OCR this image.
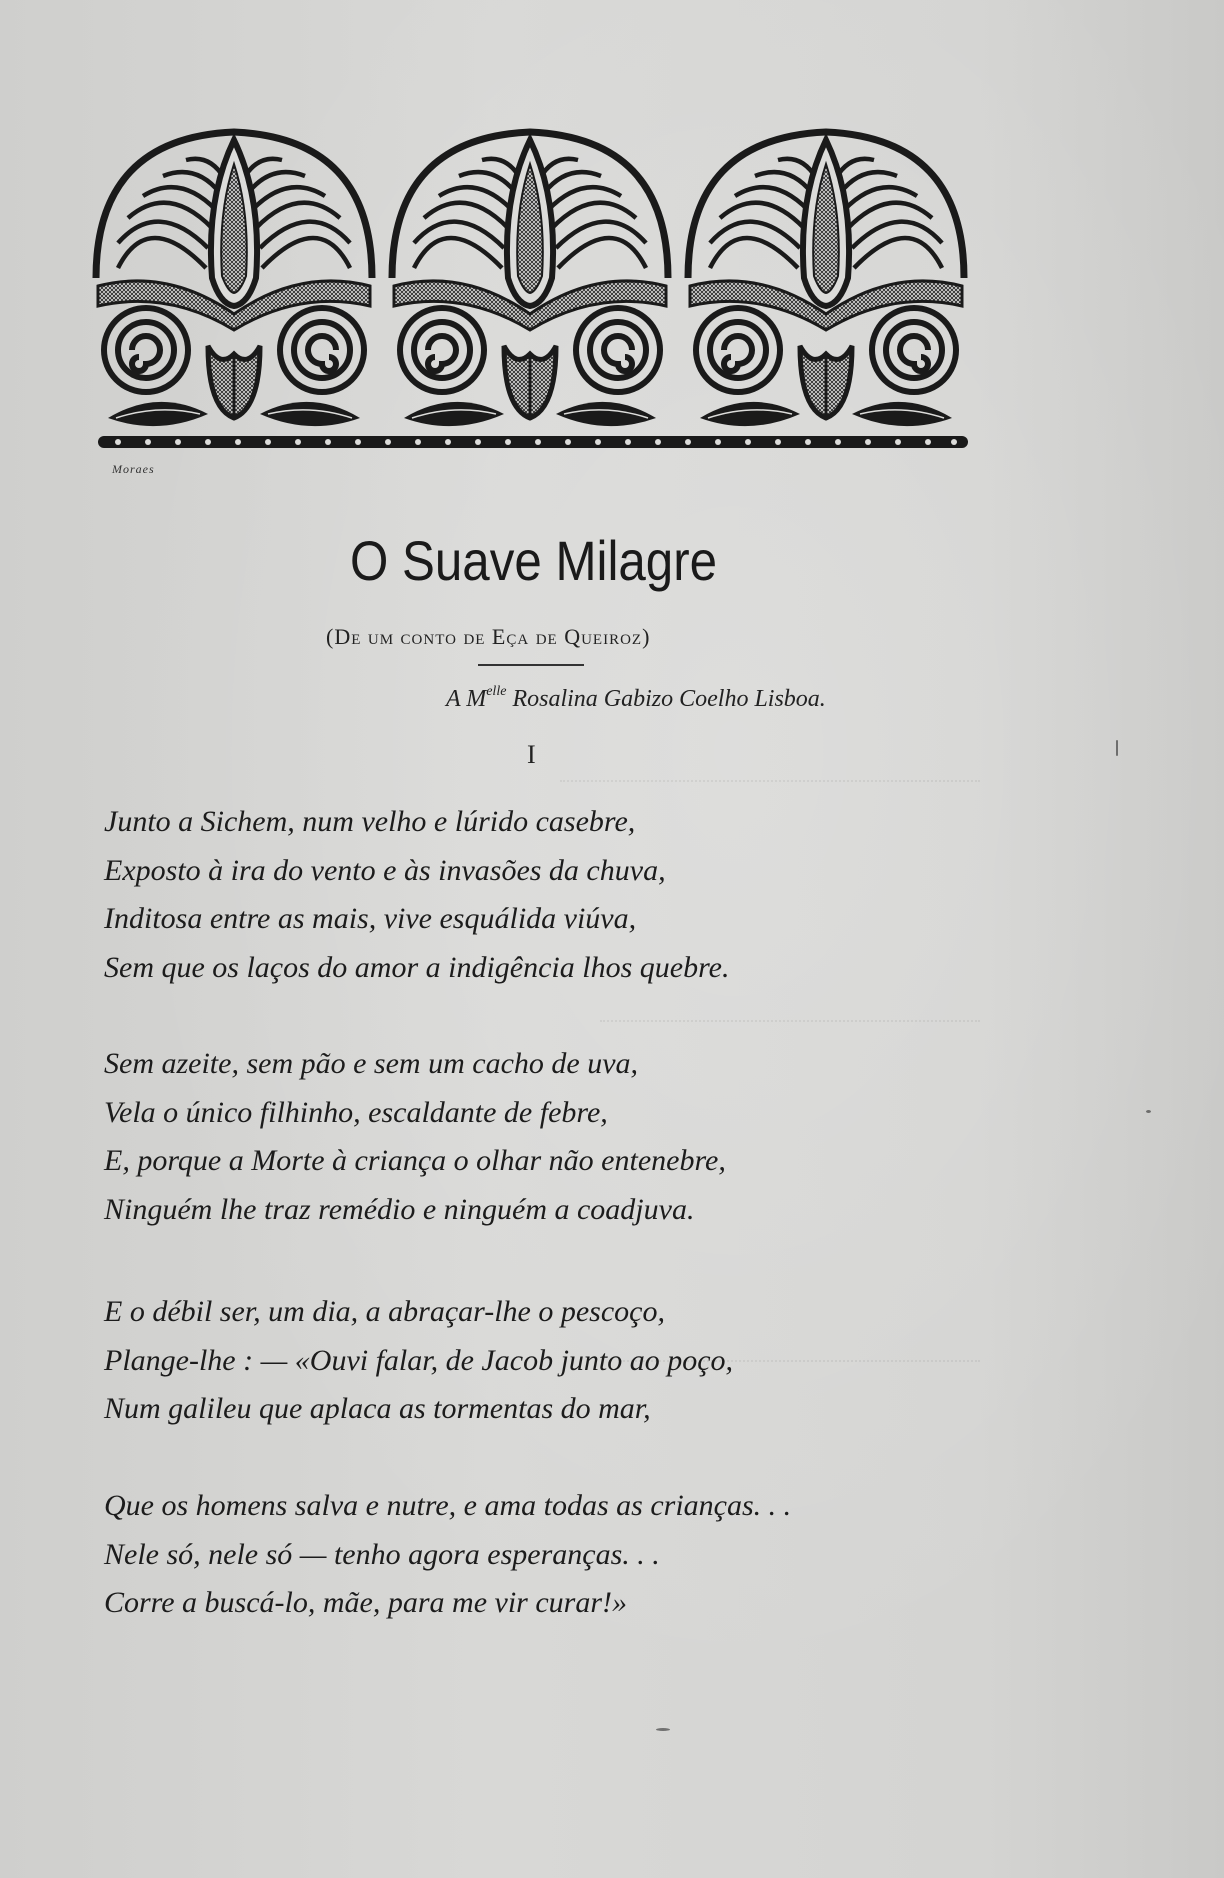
Moraes
O Suave Milagre
(De um conto de Eça de Queiroz)
A $M^{elle}$ Rosalina Gabizo Coelho Lisboa.
I
Junto a Sichem, num velho e lúrido casebre,
Exposto à ira do vento e às invasões da chuva,
Inditosa entre as mais, vive esquálida viúva,
Sem que os laços do amor a indigência lhos quebre.
Sem azeite, sem pão e sem um cacho de uva,
Vela o único filhinho, escaldante de febre,
E, porque a Morte à criança o olhar não entenebre,
Ninguém lhe traz remédio e ninguém a coadjuva.
E o débil ser, um dia, a abraçar-lhe o pescoço,
Plange-lhe : — «Ouvi falar, de Jacob junto ao poço,
Num galileu que aplaca as tormentas do mar,
Que os homens salva e nutre, e ama todas as crianças. . .
Nele só, nele só — tenho agora esperanças. . .
Corre a buscá-lo, mãe, para me vir curar!»
